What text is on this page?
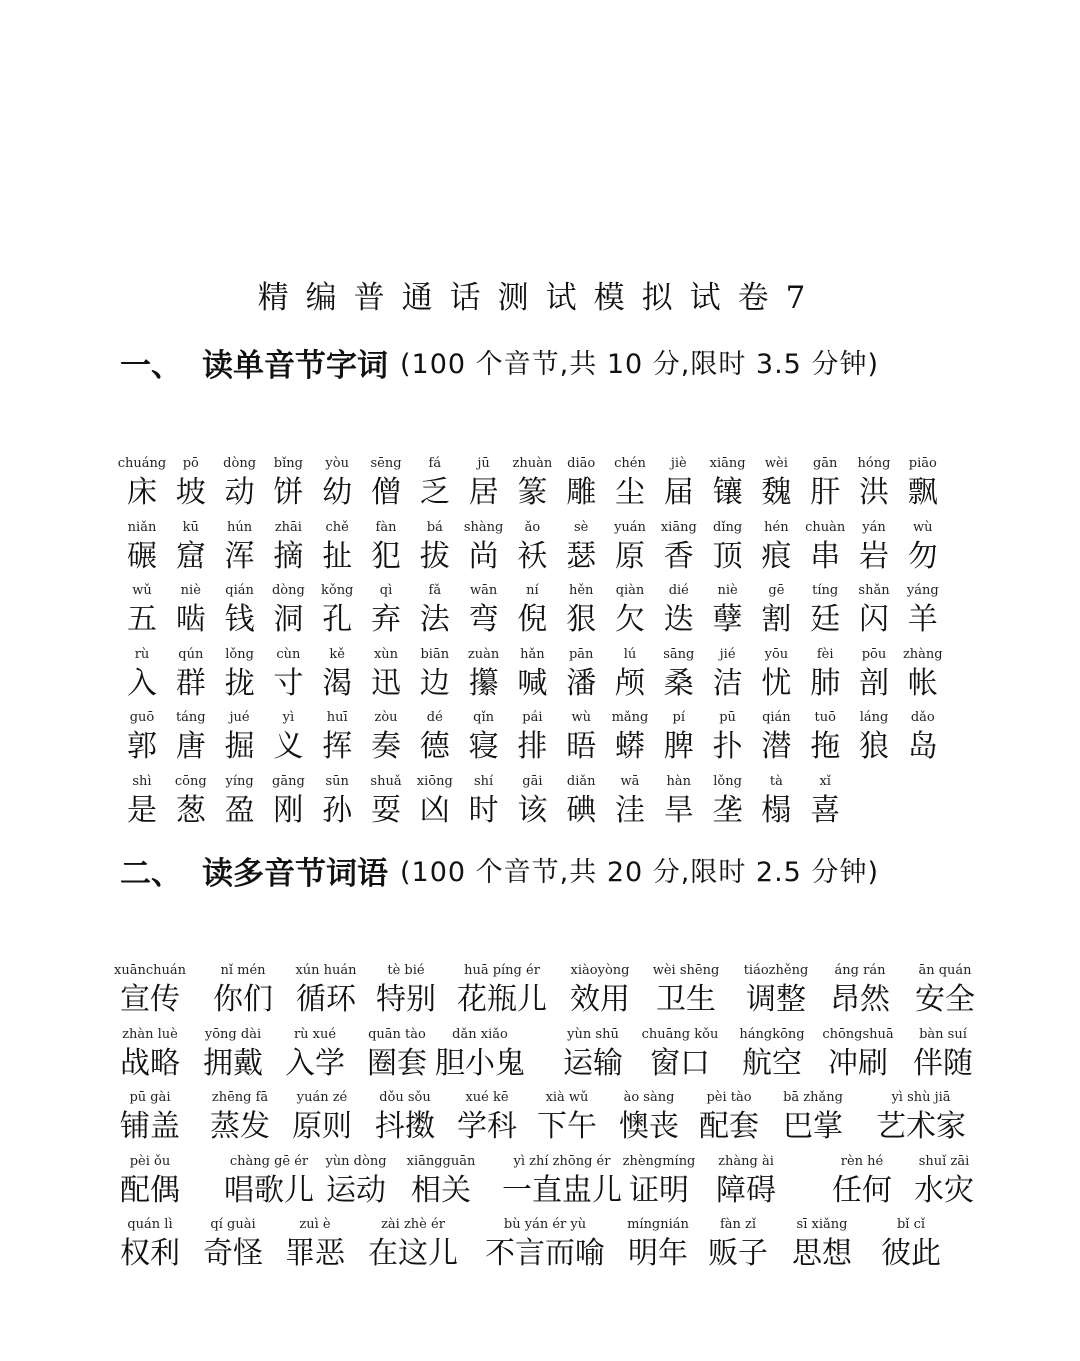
精编普通话测试模拟试卷7
一、 读单音节字词 (100 个音节,共 10 分,限时 3.5 分钟)
chuáng
床
pō
坡
dòng
动
bǐng
饼
yòu
幼
sēng
僧
fá
乏
jū
居
zhuàn
篆
diāo
雕
chén
尘
jiè
届
xiāng
镶
wèi
魏
gān
肝
hóng
洪
piāo
飘
niǎn
碾
kū
窟
hún
浑
zhāi
摘
chě
扯
fàn
犯
bá
拔
shàng
尚
ǎo
袄
sè
瑟
yuán
原
xiāng
香
dǐng
顶
hén
痕
chuàn
串
yán
岩
wù
勿
wǔ
五
niè
啮
qián
钱
dòng
洞
kǒng
孔
qì
弃
fǎ
法
wān
弯
ní
倪
hěn
狠
qiàn
欠
dié
迭
niè
孽
gē
割
tíng
廷
shǎn
闪
yáng
羊
rù
入
qún
群
lǒng
拢
cùn
寸
kě
渴
xùn
迅
biān
边
zuàn
攥
hǎn
喊
pān
潘
lú
颅
sāng
桑
jié
洁
yōu
忧
fèi
肺
pōu
剖
zhàng
帐
guō
郭
táng
唐
jué
掘
yì
义
huī
挥
zòu
奏
dé
德
qǐn
寝
pái
排
wù
晤
mǎng
蟒
pí
脾
pū
扑
qián
潜
tuō
拖
láng
狼
dǎo
岛
shì
是
cōng
葱
yíng
盈
gāng
刚
sūn
孙
shuǎ
耍
xiōng
凶
shí
时
gāi
该
diǎn
碘
wā
洼
hàn
旱
lǒng
垄
tà
榻
xǐ
喜
二、 读多音节词语 (100 个音节,共 20 分,限时 2.5 分钟)
xuānchuán
宣传
nǐ mén
你们
xún huán
循环
tè bié
特别
huā píng ér
花瓶儿
xiàoyòng
效用
wèi shēng
卫生
tiáozhěng
调整
áng rán
昂然
ān quán
安全
zhàn luè
战略
yōng dài
拥戴
rù xué
入学
quān tào
圈套
dǎn xiǎo
胆小鬼
yùn shū
运输
chuāng kǒu
窗口
hángkōng
航空
chōngshuā
冲刷
bàn suí
伴随
pū gài
铺盖
zhēng fā
蒸发
yuán zé
原则
dǒu sǒu
抖擞
xué kē
学科
xià wǔ
下午
ào sàng
懊丧
pèi tào
配套
bā zhǎng
巴掌
yì shù jiā
艺术家
pèi ǒu
配偶
chàng gē ér
唱歌儿
yùn dòng
运动
xiāngguān
相关
yì zhí zhōng ér
一直盅儿
zhèngmíng
证明
zhàng ài
障碍
rèn hé
任何
shuǐ zāi
水灾
quán lì
权利
qí guài
奇怪
zuì è
罪恶
zài zhè ér
在这儿
bù yán ér yù
不言而喻
míngnián
明年
fàn zǐ
贩子
sī xiǎng
思想
bǐ cǐ
彼此
